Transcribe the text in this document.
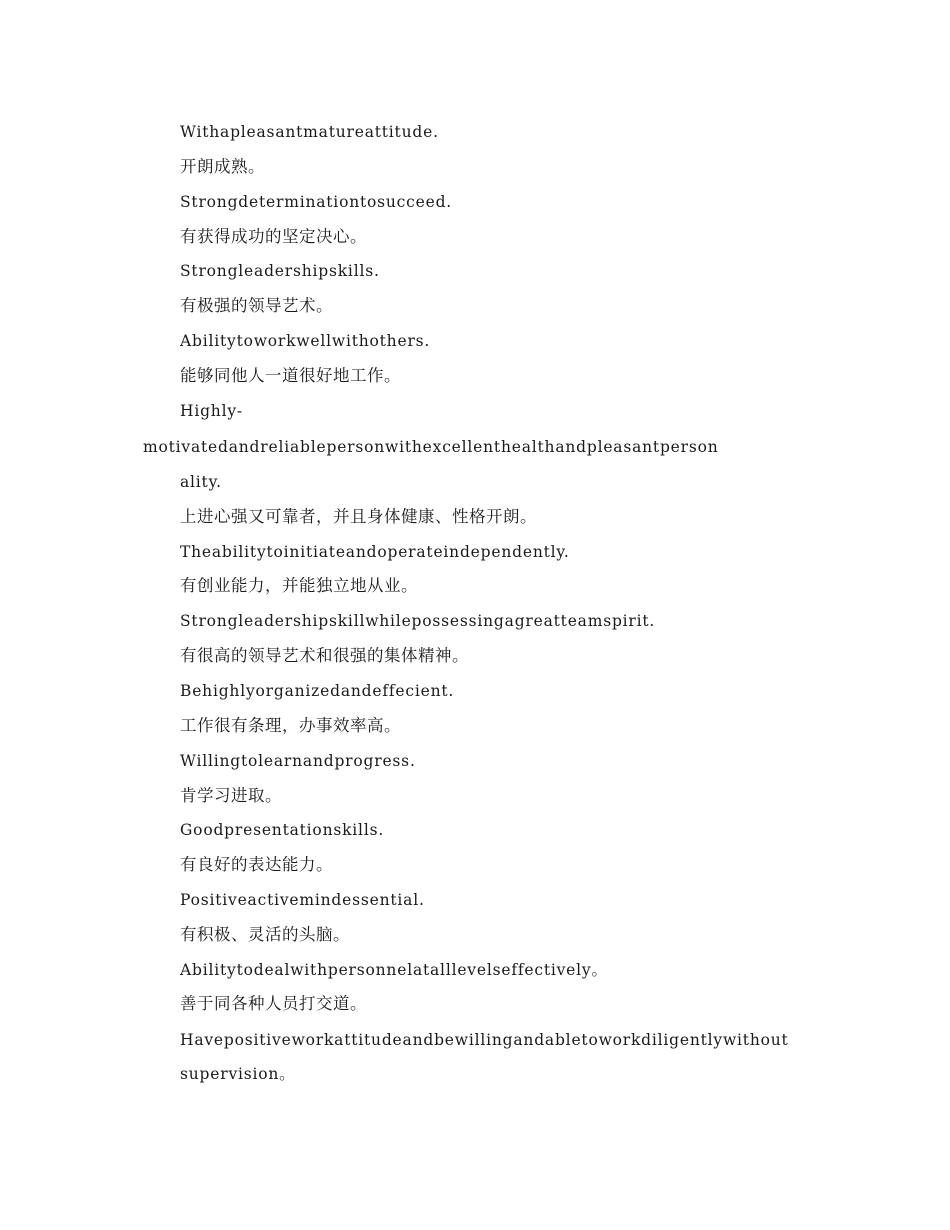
Withapleasantmatureattitude.
开朗成熟。
Strongdeterminationtosucceed.
有获得成功的坚定决心。
Strongleadershipskills.
有极强的领导艺术。
Abilitytoworkwellwithothers.
能够同他人一道很好地工作。
Highly-
motivatedandreliablepersonwithexcellenthealthandpleasantperson
ality.
上进心强又可靠者，并且身体健康、性格开朗。
Theabilitytoinitiateandoperateindependently.
有创业能力，并能独立地从业。
Strongleadershipskillwhilepossessingagreatteamspirit.
有很高的领导艺术和很强的集体精神。
Behighlyorganizedandeffecient.
工作很有条理，办事效率高。
Willingtolearnandprogress.
肯学习进取。
Goodpresentationskills.
有良好的表达能力。
Positiveactivemindessential.
有积极、灵活的头脑。
Abilitytodealwithpersonnelatalllevelseffectively。
善于同各种人员打交道。
Havepositiveworkattitudeandbewillingandabletoworkdiligentlywithout
supervision。
